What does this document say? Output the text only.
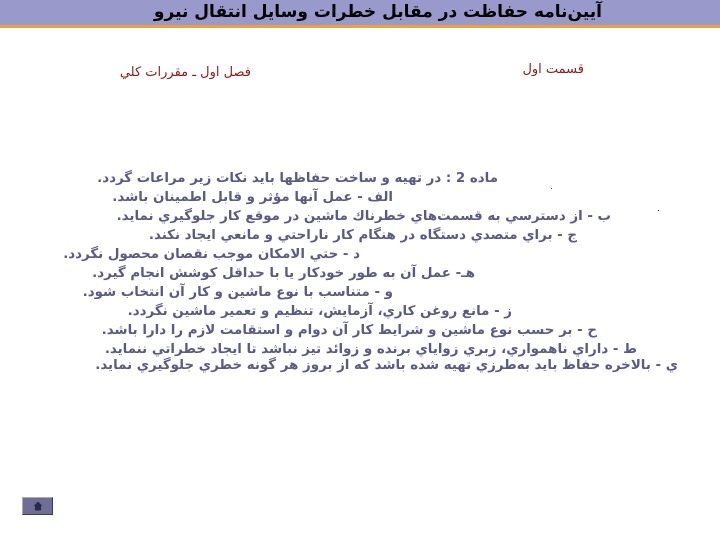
آيين‌نامه حفاظت در مقابل خطرات وسايل انتقال نيرو
قسمت اول
فصل اول ـ مقررات كلي
ماده 2 : در تهيه و ساخت حفاظها بايد نكات زير مراعات گردد.
الف - عمل آنها مؤثر و قابل اطمينان باشد.
ب - از دسترسي به قسمت‌هاي خطرناك ماشين در موقع كار جلوگيري نمايد.
ج - براي متصدي دستگاه در هنگام كار ناراحتي و مانعي ايجاد نكند.
د - حتي الامكان موجب نقصان محصول نگردد.
هـ- عمل آن به طور خودكار يا با حداقل كوشش انجام گيرد.
و - متناسب با نوع ماشين و كار آن انتخاب شود.
ز - مانع روغن كاري، آزمايش، تنظيم و تعمير ماشين نگردد.
ح - بر حسب نوع ماشين و شرايط كار آن دوام و استقامت لازم را دارا باشد.
ط - داراي ناهمواري، زبري زواياي برنده و زوائد تيز نباشد تا ايجاد خطراتي ننمايد.
ي - بالاخره حفاظ بايد به‌طرزي تهيه شده باشد كه از بروز هر گونه خطري جلوگيري نمايد.
